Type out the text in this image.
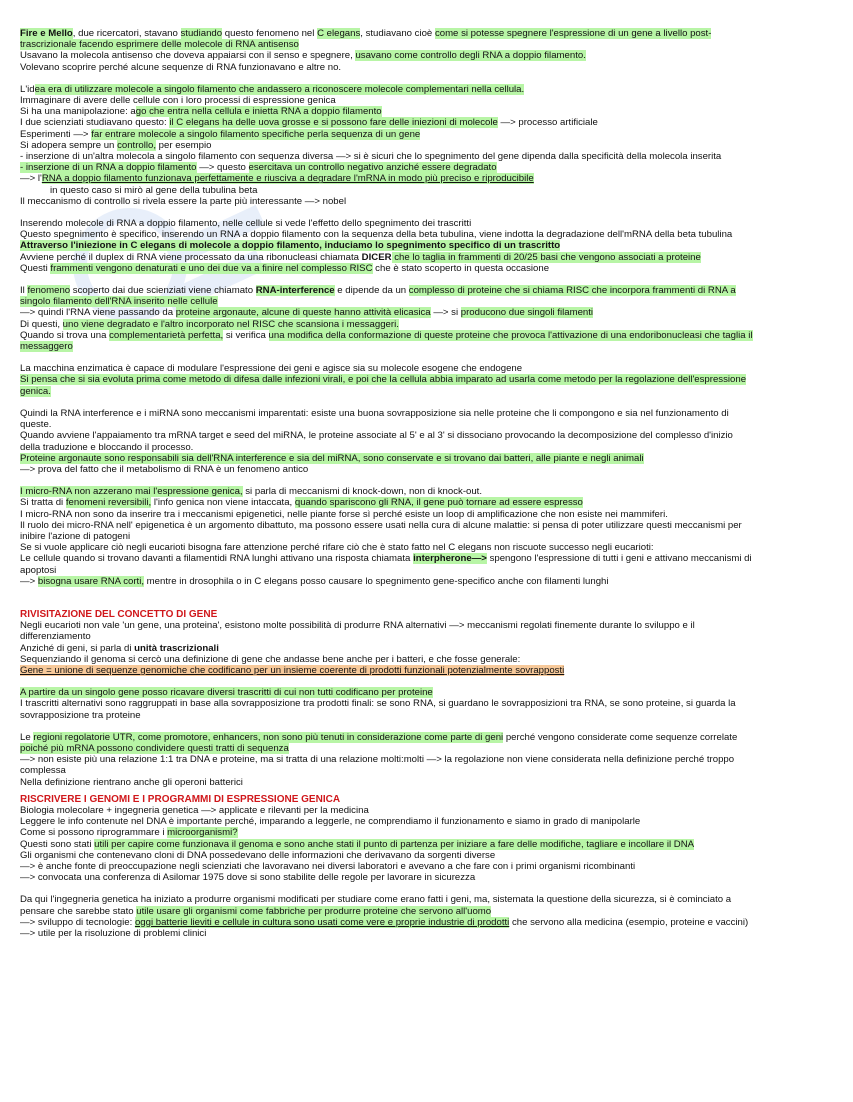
Fire e Mello, due ricercatori, stavano studiando questo fenomeno nel C elegans, studiavano cioè come si potesse spegnere l'espressione di un gene a livello post-
trascrizionale facendo esprimere delle molecole di RNA antisenso
Usavano la molecola antisenso che doveva appaiarsi con il senso e spegnere, usavano come controllo degli RNA a doppio filamento.
Volevano scoprire perché alcune sequenze di RNA funzionavano e altre no.
L'idea era di utilizzare molecole a singolo filamento che andassero a riconoscere molecole complementari nella cellula.
Immaginare di avere delle cellule con i loro processi di espressione genica
Si ha una manipolazione: ago che entra nella cellula e inietta RNA a doppio filamento
I due scienziati studiavano questo: il C elegans ha delle uova grosse e si possono fare delle iniezioni di molecole —> processo artificiale
Esperimenti —> far entrare molecole a singolo filamento specifiche perla sequenza di un gene
Si adopera sempre un controllo, per esempio
- inserzione di un'altra molecola a singolo filamento con sequenza diversa —> si è sicuri che lo spegnimento del gene dipenda dalla specificità della molecola inserita
- inserzione di un RNA a doppio filamento —> questo esercitava un controllo negativo anziché essere degradato
—> l'RNA a doppio filamento funzionava perfettamente e riusciva a degradare l'mRNA in modo più preciso e riproducibile
in questo caso si mirò al gene della tubulina beta
Il meccanismo di controllo si rivela essere la parte più interessante —> nobel
Inserendo molecole di RNA a doppio filamento, nelle cellule si vede l'effetto dello spegnimento dei trascritti
Questo spegnimento è specifico, inserendo un RNA a doppio filamento con la sequenza della beta tubulina, viene indotta la degradazione dell'mRNA della beta tubulina
Attraverso l'iniezione in C elegans di molecole a doppio filamento, induciamo lo spegnimento specifico di un trascritto
Avviene perché il duplex di RNA viene processato da una ribonucleasi chiamata DICER che lo taglia in frammenti di 20/25 basi che vengono associati a proteine
Questi frammenti vengono denaturati e uno dei due va a finire nel complesso RISC che è stato scoperto in questa occasione
Il fenomeno scoperto dai due scienziati viene chiamato RNA-interference e dipende da un complesso di proteine che si chiama RISC che incorpora frammenti di RNA a
singolo filamento dell'RNA inserito nelle cellule
—> quindi l'RNA viene passando da proteine argonaute, alcune di queste hanno attività elicasica —> si producono due singoli filamenti
Di questi, uno viene degradato e l'altro incorporato nel RISC che scansiona i messaggeri.
Quando si trova una complementarietà perfetta, si verifica una modifica della conformazione di queste proteine che provoca l'attivazione di una endoribonucleasi che taglia il
messaggero
La macchina enzimatica è capace di modulare l'espressione dei geni e agisce sia su molecole esogene che endogene
Si pensa che si sia evoluta prima come metodo di difesa dalle infezioni virali, e poi che la cellula abbia imparato ad usarla come metodo per la regolazione dell'espressione
genica.
Quindi la RNA interference e i miRNA sono meccanismi imparentati: esiste una buona sovrapposizione sia nelle proteine che li compongono e sia nel funzionamento di
queste.
Quando avviene l'appaiamento tra mRNA target e seed del miRNA, le proteine associate al 5' e al 3' si dissociano provocando la decomposizione del complesso d'inizio
della traduzione e bloccando il processo.
Proteine argonaute sono responsabili sia dell'RNA interference e sia del miRNA, sono conservate e si trovano dai batteri, alle piante e negli animali
—> prova del fatto che il metabolismo di RNA è un fenomeno antico
I micro-RNA non azzerano mai l'espressione genica, si parla di meccanismi di knock-down, non di knock-out.
Si tratta di fenomeni reversibili, l'info genica non viene intaccata, quando spariscono gli RNA, il gene può tornare ad essere espresso
I micro-RNA non sono da inserire tra i meccanismi epigenetici, nelle piante forse sì perché esiste un loop di amplificazione che non esiste nei mammiferi.
Il ruolo dei micro-RNA nell' epigenetica è un argomento dibattuto, ma possono essere usati nella cura di alcune malattie: si pensa di poter utilizzare questi meccanismi per
inibire l'azione di patogeni
Se si vuole applicare ciò negli eucarioti bisogna fare attenzione perché rifare ciò che è stato fatto nel C elegans non riscuote successo negli eucarioti:
Le cellule quando si trovano davanti a filamentidi RNA lunghi attivano una risposta chiamata interpherone—> spengono l'espressione di tutti i geni e attivano meccanismi di
apoptosi
—> bisogna usare RNA corti, mentre in drosophila o in C elegans posso causare lo spegnimento gene-specifico anche con filamenti lunghi
RIVISITAZIONE DEL CONCETTO DI GENE
Negli eucarioti non vale 'un gene, una proteina', esistono molte possibilità di produrre RNA alternativi —> meccanismi regolati finemente durante lo sviluppo e il
differenziamento
Anziché di geni, si parla di unità trascrizionali
Sequenziando il genoma si cercò una definizione di gene che andasse bene anche per i batteri, e che fosse generale:
Gene = unione di sequenze genomiche che codificano per un insieme coerente di prodotti funzionali potenzialmente sovrapposti
A partire da un singolo gene posso ricavare diversi trascritti di cui non tutti codificano per proteine
I trascritti alternativi sono raggruppati in base alla sovrapposizione tra prodotti finali: se sono RNA, si guardano le sovrapposizioni tra RNA, se sono proteine, si guarda la
sovrapposizione tra proteine
Le regioni regolatorie UTR, come promotore, enhancers, non sono più tenuti in considerazione come parte di geni perché vengono considerate come sequenze correlate
poiché più mRNA possono condividere questi tratti di sequenza
—> non esiste più una relazione 1:1 tra DNA e proteine, ma si tratta di una relazione molti:molti —> la regolazione non viene considerata nella definizione perché troppo
complessa
Nella definizione rientrano anche gli operoni batterici
RISCRIVERE I GENOMI E I PROGRAMMI DI ESPRESSIONE GENICA
Biologia molecolare + ingegneria genetica —> applicate e rilevanti per la medicina
Leggere le info contenute nel DNA è importante perché, imparando a leggerle, ne comprendiamo il funzionamento e siamo in grado di manipolarle
Come si possono riprogrammare i microorganismi?
Questi sono stati utili per capire come funzionava il genoma e sono anche stati il punto di partenza per iniziare a fare delle modifiche, tagliare e incollare il DNA
Gli organismi che contenevano cloni di DNA possedevano delle informazioni che derivavano da sorgenti diverse
—> è anche fonte di preoccupazione negli scienziati che lavoravano nei diversi laboratori e avevano a che fare con i primi organismi ricombinanti
—> convocata una conferenza di Asilomar 1975 dove si sono stabilite delle regole per lavorare in sicurezza
Da qui l'ingegneria genetica ha iniziato a produrre organismi modificati per studiare come erano fatti i geni, ma, sistemata la questione della sicurezza, si è cominciato a
pensare che sarebbe stato utile usare gli organismi come fabbriche per produrre proteine che servono all'uomo
—> sviluppo di tecnologie: oggi batterie lieviti e cellule in cultura sono usati come vere e proprie industrie di prodotti che servono alla medicina (esempio, proteine e vaccini)
—> utile per la risoluzione di problemi clinici
